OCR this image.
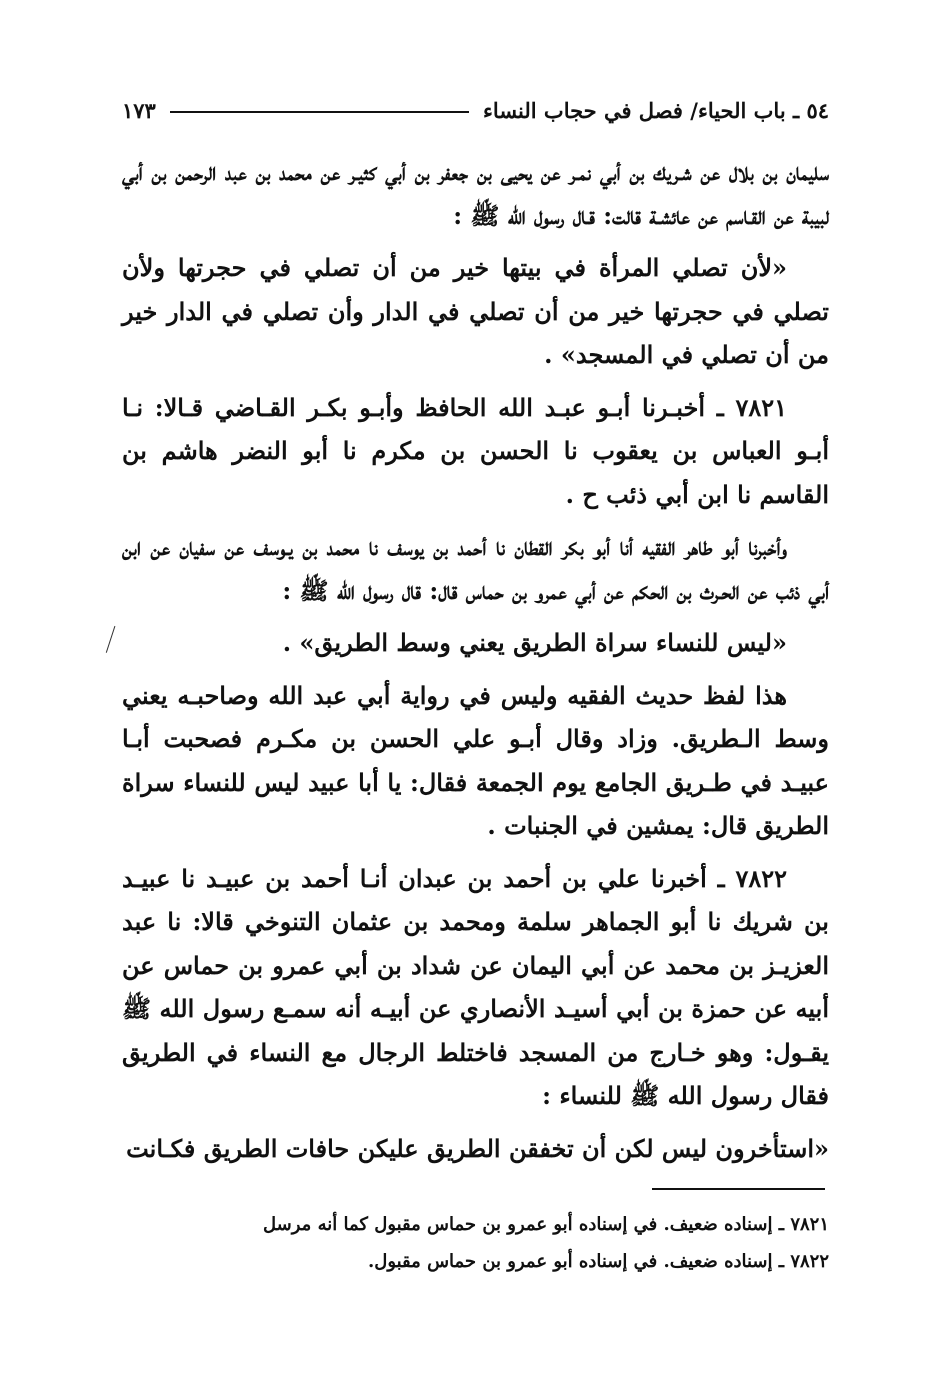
٥٤ ـ باب الحياء/ فصل في حجاب النساء
١٧٣

سليمان بن بلال عن شـريك بن أبي نمـر عن يحيى بن جعفر بن أبي كثيـر عن محمد بن عبد الرحمن بن أبي لبيبة عن القـاسم عن عائشـة قالت: قـال رسول الله ﷺ :

«لأن تصلي المرأة في بيتها خير من أن تصلي في حجرتها ولأن تصلي في حجرتها خير من أن تصلي في الدار وأن تصلي في الدار خير من أن تصلي في المسجد» .

٧٨٢١ ـ أخبـرنا أبـو عبـد الله الحافظ وأبـو بكـر القـاضي قـالا: نـا أبـو العباس بن يعقوب نا الحسن بن مكرم نا أبو النضر هاشم بن القاسم نا ابن أبي ذئب ح .

وأخبرنا أبو طاهر الفقيه أنا أبو بكر القطان نا أحمد بن يوسف نا محمد بن يـوسف عن سفيان عن ابن أبي ذئب عن الحـرث بن الحكم عن أبي عمرو بن حماس قال: قال رسول الله ﷺ :

«ليس للنساء سراة الطريق يعني وسط الطريق» .

هذا لفظ حديث الفقيه وليس في رواية أبي عبد الله وصاحبـه يعني وسط الـطريق. وزاد وقال أبـو علي الحسن بن مكـرم فصحبت أبـا عبيـد في طـريق الجامع يوم الجمعة فقال: يا أبا عبيد ليس للنساء سراة الطريق قال: يمشين في الجنبات .

٧٨٢٢ ـ أخبرنا علي بن أحمد بن عبدان أنـا أحمد بن عبيـد نا عبيـد بن شريك نا أبو الجماهر سلمة ومحمد بن عثمان التنوخي قالا: نا عبد العزيـز بن محمد عن أبي اليمان عن شداد بن أبي عمرو بن حماس عن أبيه عن حمزة بن أبي أسيـد الأنصاري عن أبيـه أنه سمـع رسول الله ﷺ يقـول: وهو خـارج من المسجد فاختلط الرجال مع النساء في الطريق فقال رسول الله ﷺ للنساء :

«استأخرون ليس لكن أن تخفقن الطريق عليكن حافات الطريق فكـانت

٧٨٢١ ـ إسناده ضعيف. في إسناده أبو عمرو بن حماس مقبول كما أنه مرسل

٧٨٢٢ ـ إسناده ضعيف. في إسناده أبو عمرو بن حماس مقبول.
